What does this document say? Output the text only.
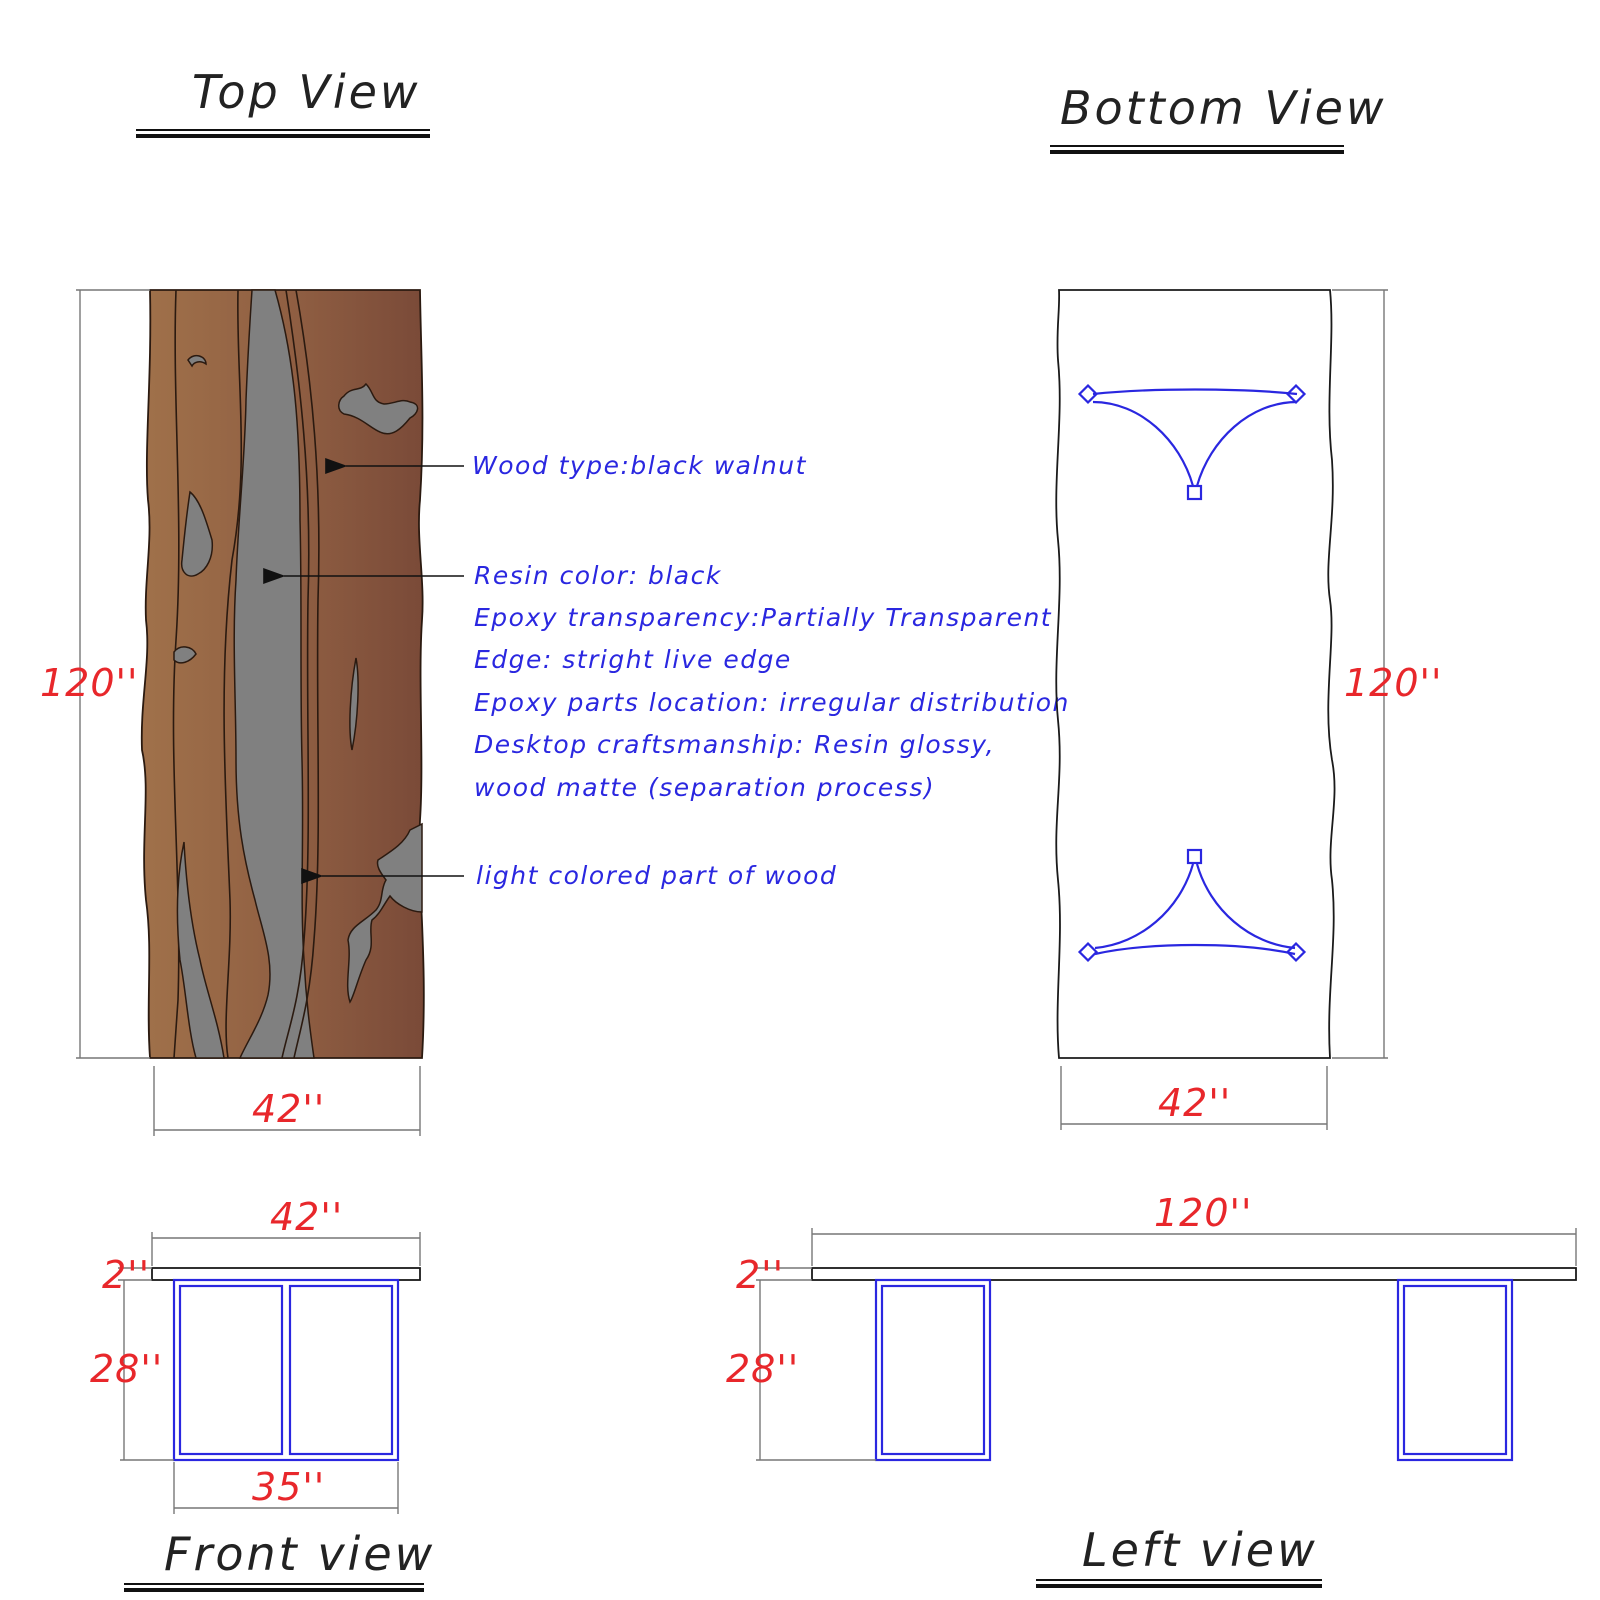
Top View
120''
42''
Wood type:black walnut
Resin color: black
Epoxy transparency:Partially Transparent
Edge: stright live edge
Epoxy parts location: irregular distribution
Desktop craftsmanship: Resin glossy,
wood matte (separation process)
light colored part of wood
Bottom View
120''
42''
42''
2''
28''
35''
Front view
120''
2''
28''
Left view
